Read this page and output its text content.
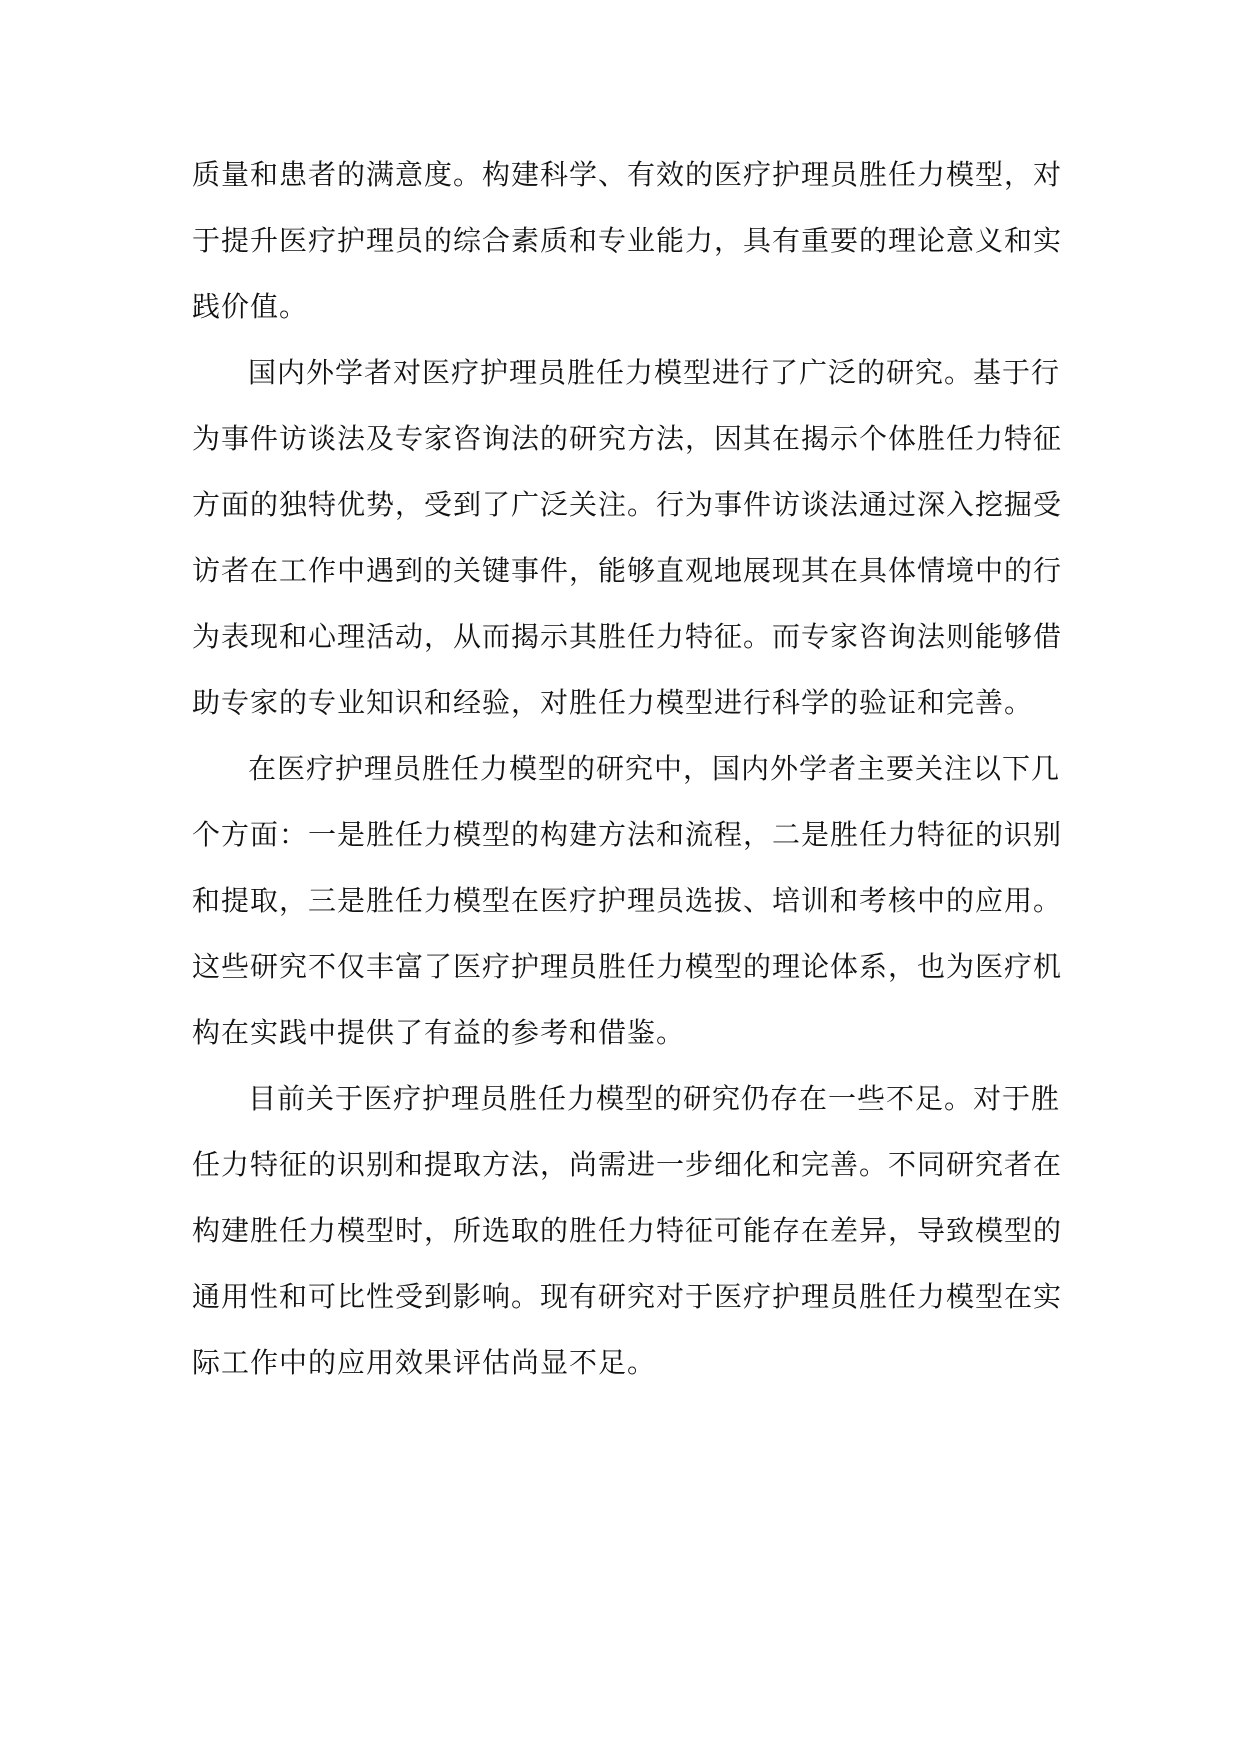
质量和患者的满意度。构建科学、有效的医疗护理员胜任力模型，对
于提升医疗护理员的综合素质和专业能力，具有重要的理论意义和实
践价值。
国内外学者对医疗护理员胜任力模型进行了广泛的研究。基于行
为事件访谈法及专家咨询法的研究方法，因其在揭示个体胜任力特征
方面的独特优势，受到了广泛关注。行为事件访谈法通过深入挖掘受
访者在工作中遇到的关键事件，能够直观地展现其在具体情境中的行
为表现和心理活动，从而揭示其胜任力特征。而专家咨询法则能够借
助专家的专业知识和经验，对胜任力模型进行科学的验证和完善。
在医疗护理员胜任力模型的研究中，国内外学者主要关注以下几
个方面：一是胜任力模型的构建方法和流程，二是胜任力特征的识别
和提取，三是胜任力模型在医疗护理员选拔、培训和考核中的应用。
这些研究不仅丰富了医疗护理员胜任力模型的理论体系，也为医疗机
构在实践中提供了有益的参考和借鉴。
目前关于医疗护理员胜任力模型的研究仍存在一些不足。对于胜
任力特征的识别和提取方法，尚需进一步细化和完善。不同研究者在
构建胜任力模型时，所选取的胜任力特征可能存在差异，导致模型的
通用性和可比性受到影响。现有研究对于医疗护理员胜任力模型在实
际工作中的应用效果评估尚显不足。
